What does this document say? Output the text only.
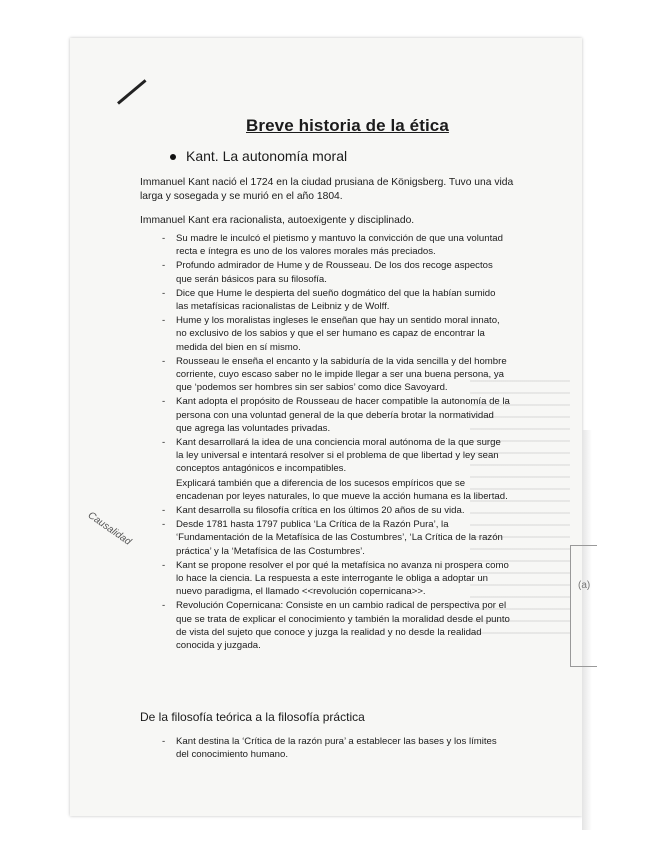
(a)
Breve historia de la ética
Kant. La autonomía moral
Immanuel Kant nació el 1724 en la ciudad prusiana de Königsberg. Tuvo una vida larga y sosegada y se murió en el año 1804.
Immanuel Kant era racionalista, autoexigente y disciplinado.
- Su madre le inculcó el pietismo y mantuvo la convicción de que una voluntad recta e íntegra es uno de los valores morales más preciados.
- Profundo admirador de Hume y de Rousseau. De los dos recoge aspectos que serán básicos para su filosofía.
- Dice que Hume le despierta del sueño dogmático del que la habían sumido las metafísicas racionalistas de Leibniz y de Wolff.
- Hume y los moralistas ingleses le enseñan que hay un sentido moral innato, no exclusivo de los sabios y que el ser humano es capaz de encontrar la medida del bien en sí mismo.
- Rousseau le enseña el encanto y la sabiduría de la vida sencilla y del hombre corriente, cuyo escaso saber no le impide llegar a ser una buena persona, ya que ‘podemos ser hombres sin ser sabios’ como dice Savoyard.
- Kant adopta el propósito de Rousseau de hacer compatible la autonomía de la persona con una voluntad general de la que debería brotar la normatividad que agrega las voluntades privadas.
- Kant desarrollará la idea de una conciencia moral autónoma de la que surge la ley universal e intentará resolver si el problema de que libertad y ley sean conceptos antagónicos e incompatibles.
Explicará también que a diferencia de los sucesos empíricos que se encadenan por leyes naturales, lo que mueve la acción humana es la libertad.
- Kant desarrolla su filosofía crítica en los últimos 20 años de su vida.
- Desde 1781 hasta 1797 publica ‘La Crítica de la Razón Pura’, la ‘Fundamentación de la Metafísica de las Costumbres’, ‘La Crítica de la razón práctica’ y la ‘Metafísica de las Costumbres’.
- Kant se propone resolver el por qué la metafísica no avanza ni prospera como lo hace la ciencia. La respuesta a este interrogante le obliga a adoptar un nuevo paradigma, el llamado <<revolución copernicana>>.
- Revolución Copernicana: Consiste en un cambio radical de perspectiva por el que se trata de explicar el conocimiento y también la moralidad desde el punto de vista del sujeto que conoce y juzga la realidad y no desde la realidad conocida y juzgada.
Causalidad
De la filosofía teórica a la filosofía práctica
- Kant destina la ‘Crítica de la razón pura’ a establecer las bases y los límites del conocimiento humano.
